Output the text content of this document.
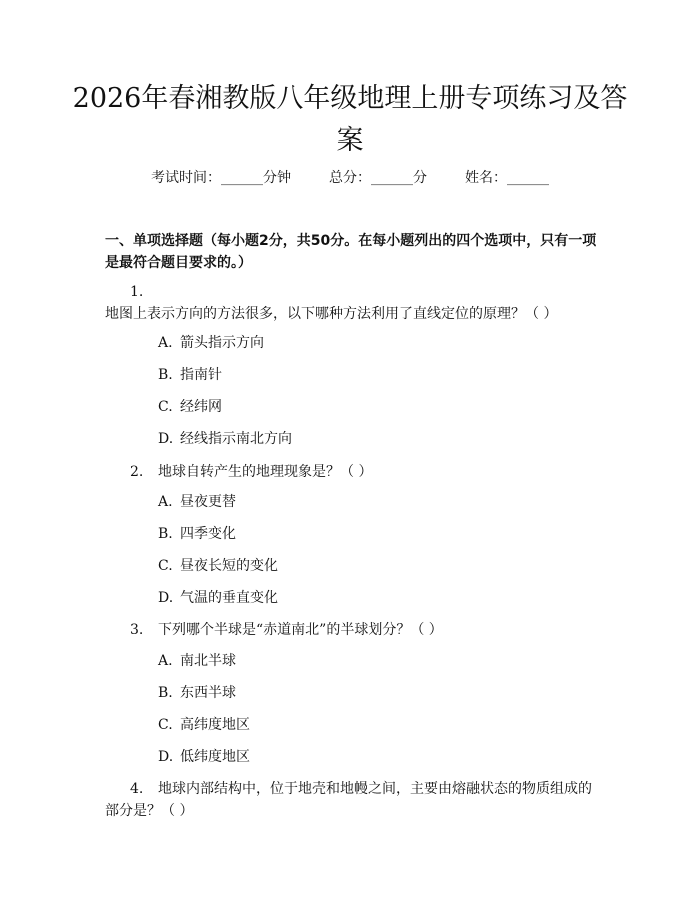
2026年春湘教版八年级地理上册专项练习及答案
考试时间：______分钟	总分：______分	姓名：______
一、单项选择题（每小题2分，共50分。在每小题列出的四个选项中，只有一项是最符合题目要求的。）
1.地图上表示方向的方法很多，以下哪种方法利用了直线定位的原理？（ ）
A. 箭头指示方向
B. 指南针
C. 经纬网
D. 经线指示南北方向
2. 地球自转产生的地理现象是？（ ）
A. 昼夜更替
B. 四季变化
C. 昼夜长短的变化
D. 气温的垂直变化
3. 下列哪个半球是“赤道南北”的半球划分？（ ）
A. 南北半球
B. 东西半球
C. 高纬度地区
D. 低纬度地区
4. 地球内部结构中，位于地壳和地幔之间，主要由熔融状态的物质组成的部分是？（ ）
